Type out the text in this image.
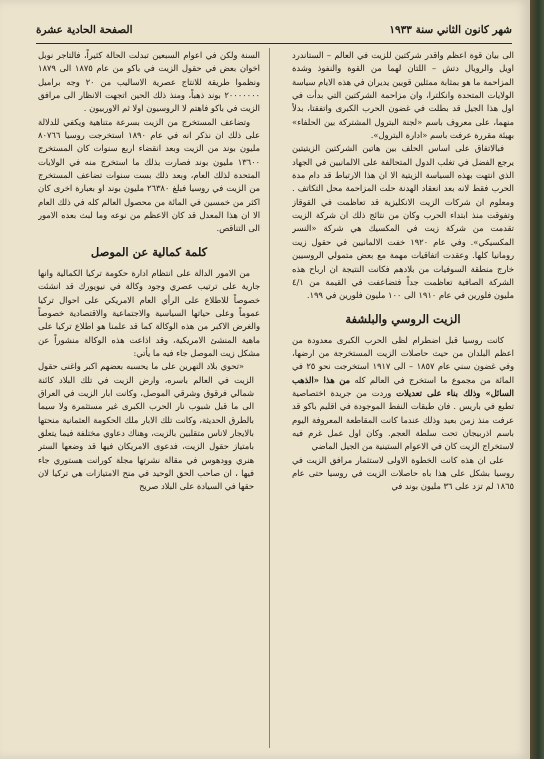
شهر كانون الثاني سنة ١٩٣٣
الصفحة الحادية عشرة

الى بيان قوة اعظم واقدر شركتين للزيت في العالم – الستاندرد اويل والرويال دتش – اللتان لهما من القوة والنفوذ وشدة المزاحمة ما هو بمثابة ممثلين قويين يديران في هذه الايام سياسة الولايات المتحدة وانكلترا، وان مزاحمة الشركتين التي بدأت في اول هذا الجيل قد بطلت في غضون الحرب الكبرى واتفقتا، بدلاً منهما، على معروف باسم «لجنة البترول المشتركة بين الحلفاء» بهيئة مقررة عرفت باسم «ادارة البترول».

فبالاتفاق على اساس الحلف بين هاتين الشركتين الزيتيتين يرجع الفضل في تغلب الدول المتحالفة على الالمانيين في الجهاد الذي انتهت بهذه السياسة الزيتية الا ان هذا الارتباط قد دام مدة الحرب فقط لانه بعد انعقاد الهدنة حلت المزاحمة محل التكاتف . ومعلوم ان شركات الزيت الانكليزية قد تعاظمت في القوقاز وتفوقت منذ ابتداء الحرب وكان من نتائج ذلك ان شركة الزيت تقدمت من شركة زيت في المكسيك هي شركة «النسر المكسيكي». وفي عام ١٩٢٠ خفت الالمانيين في حقول زيت رومانيا كلها. وعقدت اتفاقيات مهمة مع بعض متمولي الروسيين خارج منطقة السوفيات من بلادهم فكانت النتيجة ان ارباح هذه الشركة الصافية تعاظمت جداً فتضاعفت في القيمة من ٤/١ مليون فلورين في عام ١٩١٠ الى ١٠٠ مليون فلورين في ١٩٩.

الزيت الروسي والبلشفة

كانت روسيا قبل اضطرام لظى الحرب الكبرى معدودة من اعظم البلدان من حيث حاصلات الزيت المستخرجة من ارضها، وفي غضون سني عام ١٨٥٧ – الى ١٩١٧ استخرجت نحو ٢٥ في المائة من مجموع ما استخرج في العالم كله من هذا «الذهب السائل» وذلك بناء على تعديلات وردت من جريدة اختصاصية تطبع في باريس . فان طبقات النفط الموجودة في اقليم باكو قد عرفت منذ زمن بعيد وذلك عندما كانت المقاطعة المعروفة اليوم باسم اذربيجان تحت سلطة العجم. وكان اول عمل غرم فيه لاستخراج الزيت كان في الاعوام الستينية من الجيل الماضي

على ان هذه كانت الخطوة الاولى لاستثمار مرافق الزيت في روسيا بشكل على هذا باه حاصلات الزيت في روسيا حتى عام ١٨٦٥ لم تزد على ٣٦ مليون بوند في

السنة ولكن في اعوام السبعين تبدلت الحالة كثيراً، فالتاجر نوبل اخوان بعض في حقول الزيت في باكو من عام ١٨٧٥ الى ١٨٧٩ ونظموا طريقة للانتاج عصرية الاساليب من ٢٠ وجه براميل ٢٠٠٠٠٠٠٠ بوند ذهباً، ومنذ ذلك الحين اتجهت الانظار الى مرافق الزيت في باكو فاهتم لا الروسيون اولا ثم الاوربيون .

وتضاعف المستخرج من الزيت بسرعة متناهية ويكفي للدلالة على ذلك ان نذكر انه في عام ١٨٩٠ استخرجت روسيا ٨٠٧٦٦ مليون بوند من الزيت وبعد انقضاء اربع سنوات كان المستخرج ١٣٦٠٠ مليون بوند فصارت بذلك ما استخرج منه في الولايات المتحدة لذلك العام، وبعد ذلك بست سنوات تضاعف المستخرج من الزيت في روسيا فبلغ ٢٦٣٨٠ مليون بوند او بعبارة اخرى كان اكثر من خمسين في المائة من محصول العالم كله في ذلك العام الا ان هذا المعدل قد كان الاعظم من نوعه وما لبث بعده الامور الى التناقص.

كلمة كمالية عن الموصل

من الامور الدالة على انتظام ادارة حكومة تركيا الكمالية وانها جارية على ترتيب عصري وجود وكالة في نيويورك قد انشئت خصوصاً للاطلاع على الرأي العام الامريكي على احوال تركيا عموماً وعلى حياتها السياسية والاجتماعية والاقتصادية خصوصاً والغرض الاكبر من هذه الوكالة كما قد علمنا هو اطلاع تركيا على ماهية المنشئ الامريكية، وقد اذاعت هذه الوكالة منشوراً عن مشكل زيت الموصل جاء فيه ما يأتي:

«تحوي بلاد النهرين على ما يحسبه بعضهم اكبر واغنى حقول الزيت في العالم باسره، وارض الزيت في تلك البلاد كائنة شمالي فرقوق وشرقي الموصل، وكانت ابار الزيت في العراق الى ما قبل شبوب نار الحرب الكبرى غير مستثمرة ولا سيما بالطرق الحديثة، وكانت تلك الابار ملك الحكومة العثمانية منحتها بالايجار لاناس متقلبين بالزيت، وهناك دعاوي مختلفة فيما يتعلق بامتياز حقول الزيت، فدعوى الامريكان فيها قد وضعها الستر هنري وودهوس في مقالة نشرتها مجلة كورانت هستوري جاء فيها ، ان صاحب الحق الوحيد في منح الامتيازات هي تركيا لان حقها في السيادة على البلاد صريح
